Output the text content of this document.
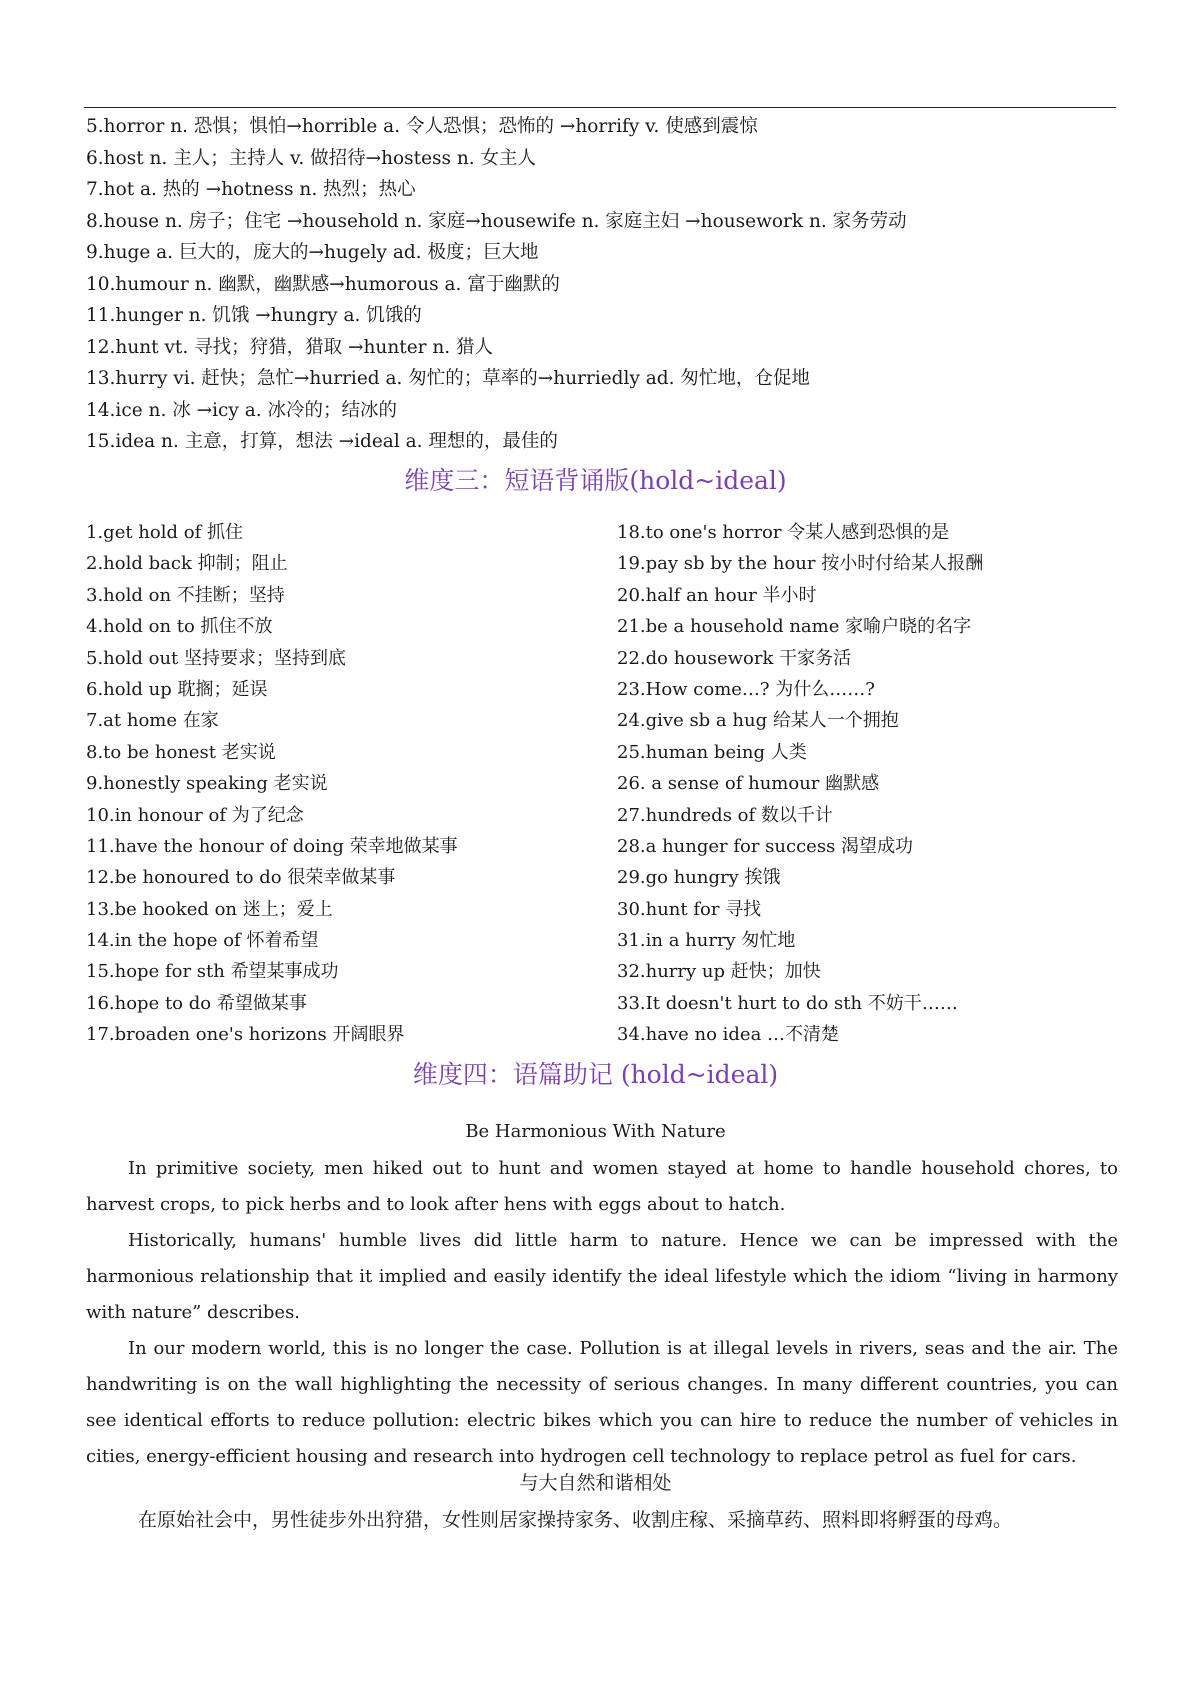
5.horror n. 恐惧；惧怕→horrible a. 令人恐惧；恐怖的 →horrify v. 使感到震惊
6.host n. 主人；主持人 v. 做招待→hostess n. 女主人
7.hot a. 热的 →hotness n. 热烈；热心
8.house n. 房子；住宅 →household n. 家庭→housewife n. 家庭主妇 →housework n. 家务劳动
9.huge a. 巨大的，庞大的→hugely ad. 极度；巨大地
10.humour n. 幽默，幽默感→humorous a. 富于幽默的
11.hunger n. 饥饿 →hungry a. 饥饿的
12.hunt vt. 寻找；狩猎，猎取 →hunter n. 猎人
13.hurry vi. 赶快；急忙→hurried a. 匆忙的；草率的→hurriedly ad. 匆忙地，仓促地
14.ice n. 冰 →icy a. 冰冷的；结冰的
15.idea n. 主意，打算，想法 →ideal a. 理想的，最佳的
维度三：短语背诵版(hold~ideal)
1.get hold of 抓住
2.hold back 抑制；阻止
3.hold on 不挂断；坚持
4.hold on to 抓住不放
5.hold out 坚持要求；坚持到底
6.hold up 耽搁；延误
7.at home 在家
8.to be honest 老实说
9.honestly speaking 老实说
10.in honour of 为了纪念
11.have the honour of doing 荣幸地做某事
12.be honoured to do 很荣幸做某事
13.be hooked on 迷上；爱上
14.in the hope of 怀着希望
15.hope for sth 希望某事成功
16.hope to do 希望做某事
17.broaden one's horizons 开阔眼界
18.to one's horror 令某人感到恐惧的是
19.pay sb by the hour 按小时付给某人报酬
20.half an hour 半小时
21.be a household name 家喻户晓的名字
22.do housework 干家务活
23.How come…? 为什么……?
24.give sb a hug 给某人一个拥抱
25.human being 人类
26. a sense of humour 幽默感
27.hundreds of 数以千计
28.a hunger for success 渴望成功
29.go hungry 挨饿
30.hunt for 寻找
31.in a hurry 匆忙地
32.hurry up 赶快；加快
33.It doesn't hurt to do sth 不妨干……
34.have no idea …不清楚
维度四：语篇助记 (hold~ideal)
Be Harmonious With Nature
In primitive society, men hiked out to hunt and women stayed at home to handle household chores, to harvest crops, to pick herbs and to look after hens with eggs about to hatch.
Historically, humans' humble lives did little harm to nature. Hence we can be impressed with the harmonious relationship that it implied and easily identify the ideal lifestyle which the idiom “living in harmony with nature” describes.
In our modern world, this is no longer the case. Pollution is at illegal levels in rivers, seas and the air. The handwriting is on the wall highlighting the necessity of serious changes. In many different countries, you can see identical efforts to reduce pollution: electric bikes which you can hire to reduce the number of vehicles in cities, energy-efficient housing and research into hydrogen cell technology to replace petrol as fuel for cars.
与大自然和谐相处
在原始社会中，男性徒步外出狩猎，女性则居家操持家务、收割庄稼、采摘草药、照料即将孵蛋的母鸡。
